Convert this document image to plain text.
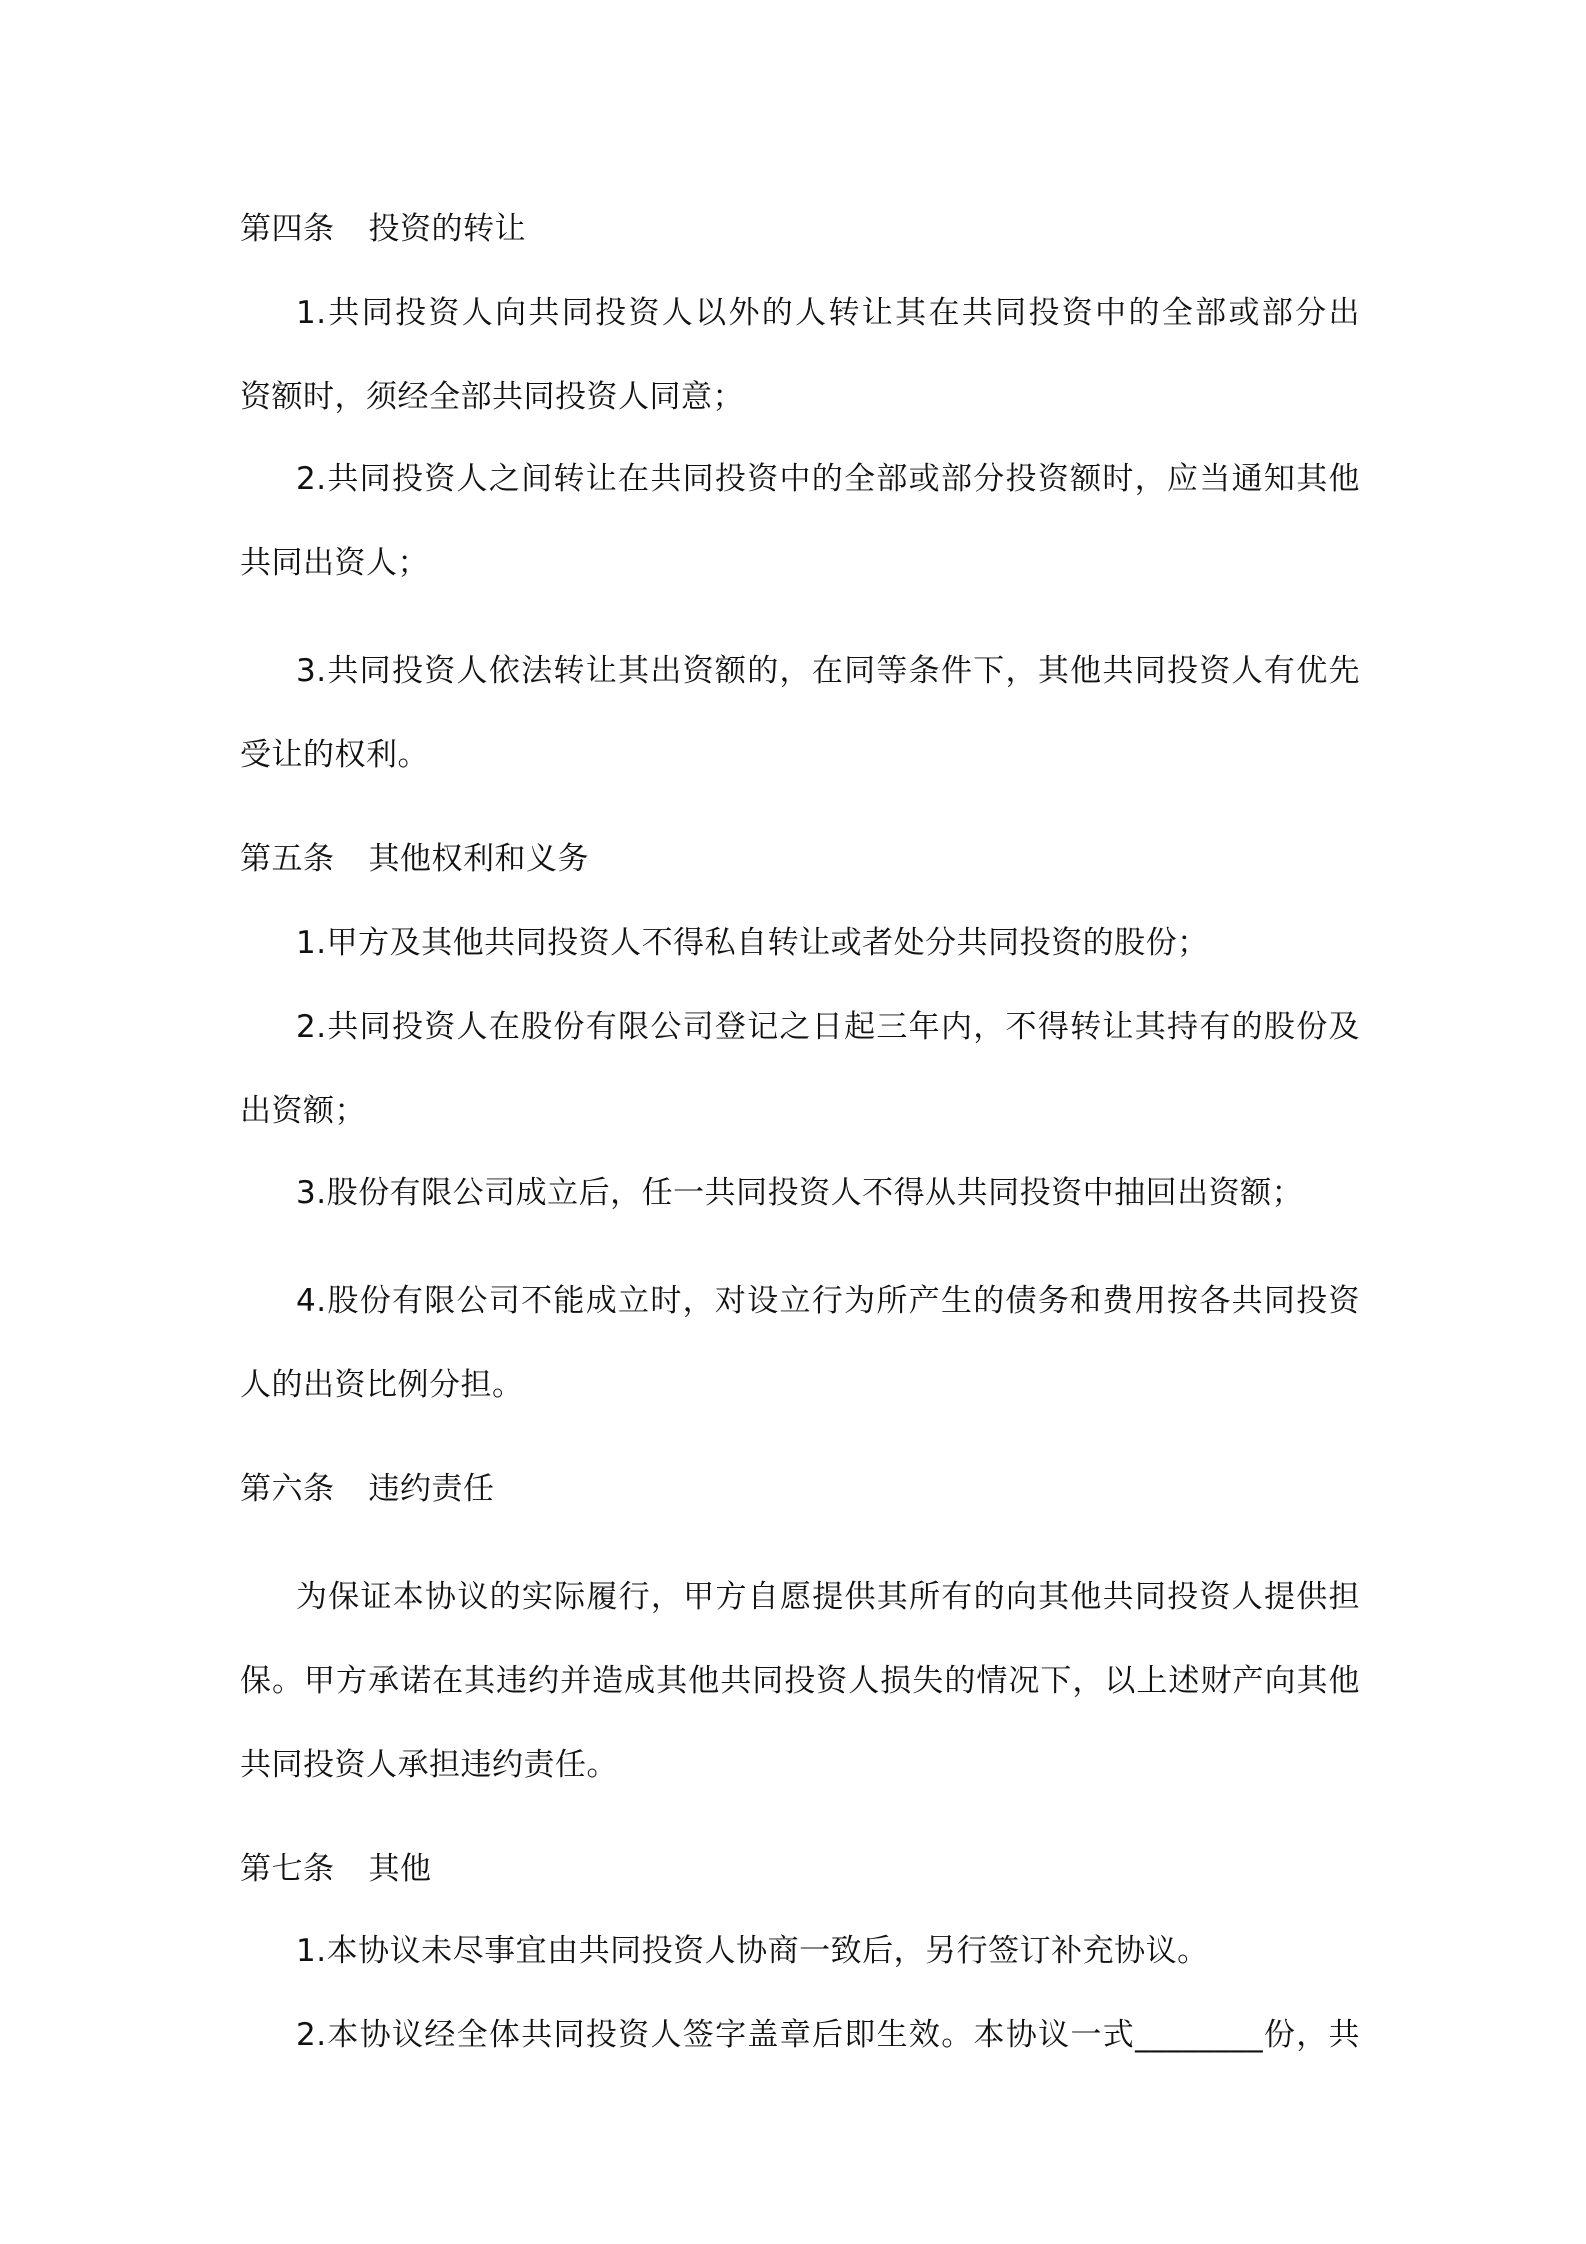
第四条 投资的转让
1.共同投资人向共同投资人以外的人转让其在共同投资中的全部或部分出
资额时，须经全部共同投资人同意；
2.共同投资人之间转让在共同投资中的全部或部分投资额时，应当通知其他
共同出资人；
3.共同投资人依法转让其出资额的，在同等条件下，其他共同投资人有优先
受让的权利。
第五条 其他权利和义务
1.甲方及其他共同投资人不得私自转让或者处分共同投资的股份；
2.共同投资人在股份有限公司登记之日起三年内，不得转让其持有的股份及
出资额；
3.股份有限公司成立后，任一共同投资人不得从共同投资中抽回出资额；
4.股份有限公司不能成立时，对设立行为所产生的债务和费用按各共同投资
人的出资比例分担。
第六条 违约责任
为保证本协议的实际履行，甲方自愿提供其所有的向其他共同投资人提供担
保。甲方承诺在其违约并造成其他共同投资人损失的情况下，以上述财产向其他
共同投资人承担违约责任。
第七条 其他
1.本协议未尽事宜由共同投资人协商一致后，另行签订补充协议。
2.本协议经全体共同投资人签字盖章后即生效。本协议一式________份，共
